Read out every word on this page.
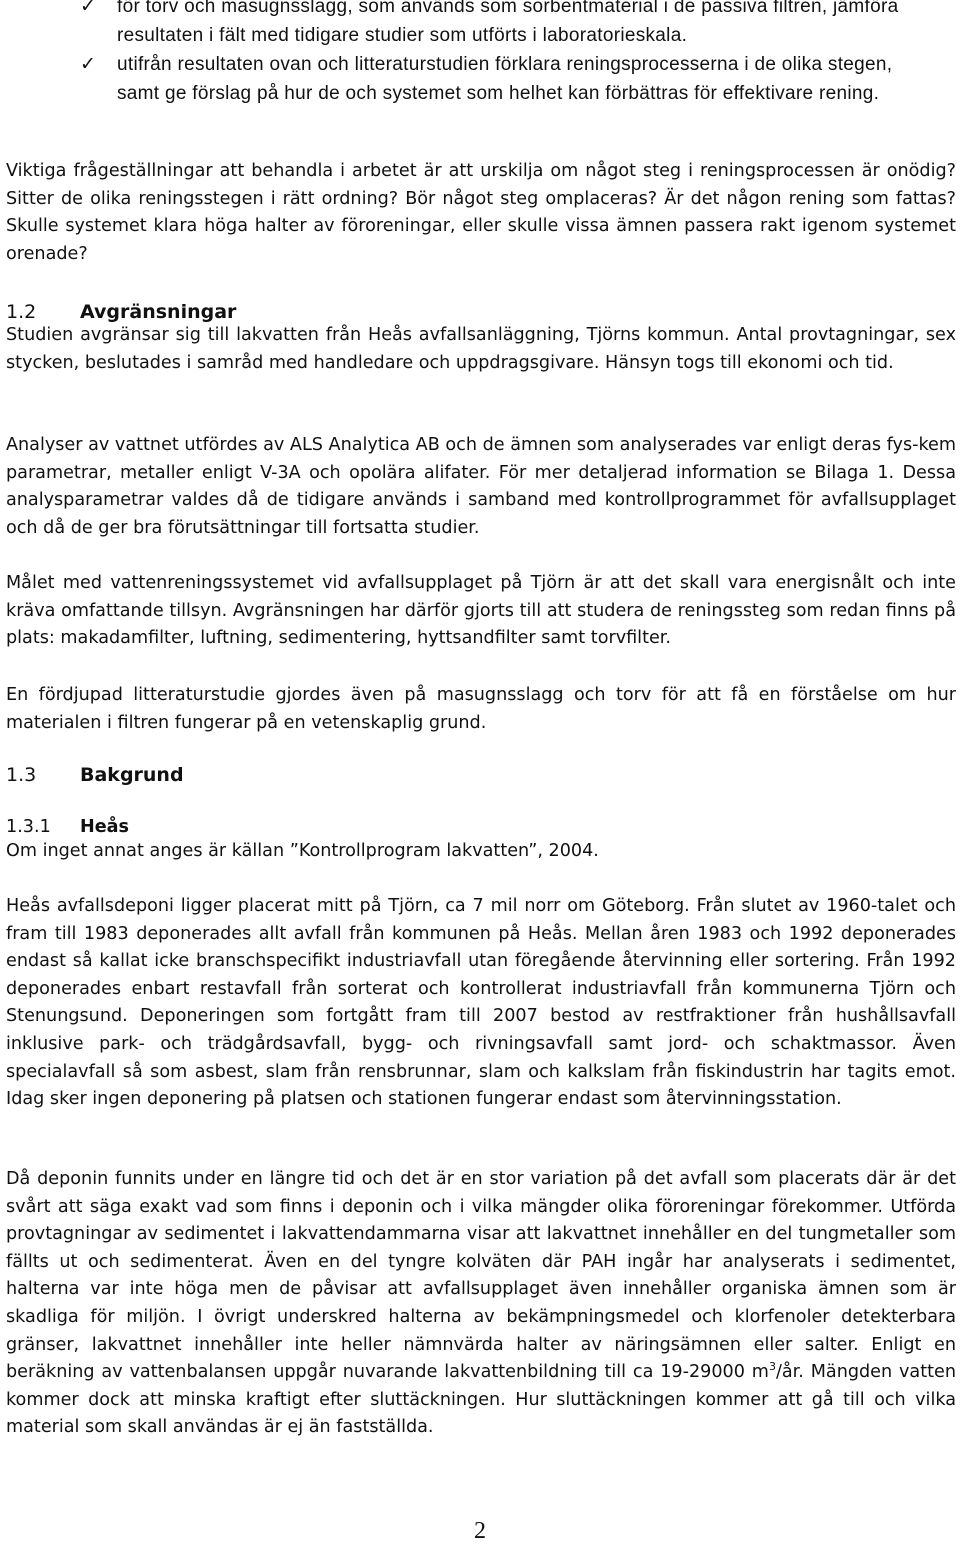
✓ för torv och masugnsslagg, som används som sorbentmaterial i de passiva filtren, jämföra resultaten i fält med tidigare studier som utförts i laboratorieskala.
✓ utifrån resultaten ovan och litteraturstudien förklara reningsprocesserna i de olika stegen, samt ge förslag på hur de och systemet som helhet kan förbättras för effektivare rening.

Viktiga frågeställningar att behandla i arbetet är att urskilja om något steg i reningsprocessen är onödig? Sitter de olika reningsstegen i rätt ordning? Bör något steg omplaceras? Är det någon rening som fattas? Skulle systemet klara höga halter av föroreningar, eller skulle vissa ämnen passera rakt igenom systemet orenade?

1.2 Avgränsningar

Studien avgränsar sig till lakvatten från Heås avfallsanläggning, Tjörns kommun. Antal provtagningar, sex stycken, beslutades i samråd med handledare och uppdragsgivare. Hänsyn togs till ekonomi och tid.

Analyser av vattnet utfördes av ALS Analytica AB och de ämnen som analyserades var enligt deras fys-kem parametrar, metaller enligt V-3A och opolära alifater. För mer detaljerad information se Bilaga 1. Dessa analysparametrar valdes då de tidigare används i samband med kontrollprogrammet för avfallsupplaget och då de ger bra förutsättningar till fortsatta studier.

Målet med vattenreningssystemet vid avfallsupplaget på Tjörn är att det skall vara energisnålt och inte kräva omfattande tillsyn. Avgränsningen har därför gjorts till att studera de reningssteg som redan finns på plats: makadamfilter, luftning, sedimentering, hyttsandfilter samt torvfilter.

En fördjupad litteraturstudie gjordes även på masugnsslagg och torv för att få en förståelse om hur materialen i filtren fungerar på en vetenskaplig grund.

1.3 Bakgrund
1.3.1 Heås

Om inget annat anges är källan ”Kontrollprogram lakvatten”, 2004.

Heås avfallsdeponi ligger placerat mitt på Tjörn, ca 7 mil norr om Göteborg. Från slutet av 1960-talet och fram till 1983 deponerades allt avfall från kommunen på Heås. Mellan åren 1983 och 1992 deponerades endast så kallat icke branschspecifikt industriavfall utan föregående återvinning eller sortering. Från 1992 deponerades enbart restavfall från sorterat och kontrollerat industriavfall från kommunerna Tjörn och Stenungsund. Deponeringen som fortgått fram till 2007 bestod av restfraktioner från hushållsavfall inklusive park- och trädgårdsavfall, bygg- och rivningsavfall samt jord- och schaktmassor. Även specialavfall så som asbest, slam från rensbrunnar, slam och kalkslam från fiskindustrin har tagits emot. Idag sker ingen deponering på platsen och stationen fungerar endast som återvinningsstation.

Då deponin funnits under en längre tid och det är en stor variation på det avfall som placerats där är det svårt att säga exakt vad som finns i deponin och i vilka mängder olika föroreningar förekommer. Utförda provtagningar av sedimentet i lakvattendammarna visar att lakvattnet innehåller en del tungmetaller som fällts ut och sedimenterat. Även en del tyngre kolväten där PAH ingår har analyserats i sedimentet, halterna var inte höga men de påvisar att avfallsupplaget även innehåller organiska ämnen som är skadliga för miljön. I övrigt underskred halterna av bekämpningsmedel och klorfenoler detekterbara gränser, lakvattnet innehåller inte heller nämnvärda halter av näringsämnen eller salter. Enligt en beräkning av vattenbalansen uppgår nuvarande lakvattenbildning till ca 19-29000 $m^3/år$. Mängden vatten kommer dock att minska kraftigt efter sluttäckningen. Hur sluttäckningen kommer att gå till och vilka material som skall användas är ej än fastställda.

2
